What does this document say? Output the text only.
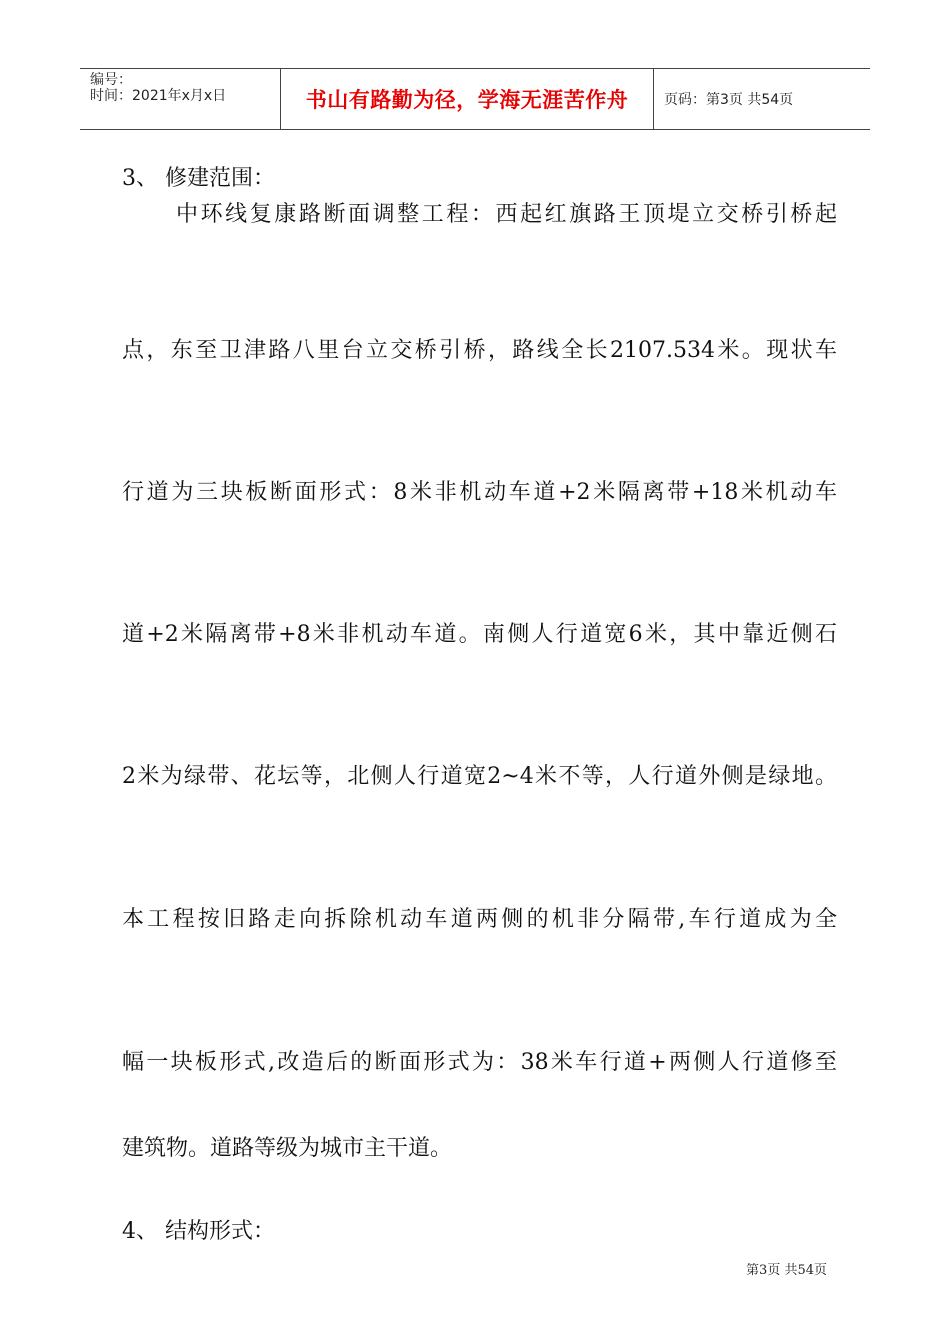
编号：
时间：2021年x月x日	书山有路勤为径，学海无涯苦作舟	页码：第3页 共54页
3、 修建范围：
中环线复康路断面调整工程：西起红旗路王顶堤立交桥引桥起
点，东至卫津路八里台立交桥引桥，路线全长2107.534米。现状车
行道为三块板断面形式：8米非机动车道+2米隔离带+18米机动车
道+2米隔离带+8米非机动车道。南侧人行道宽6米，其中靠近侧石
2米为绿带、花坛等，北侧人行道宽2~4米不等，人行道外侧是绿地。
本工程按旧路走向拆除机动车道两侧的机非分隔带,车行道成为全
幅一块板形式,改造后的断面形式为：38米车行道+两侧人行道修至
建筑物。道路等级为城市主干道。
4、 结构形式：
第3页 共54页
